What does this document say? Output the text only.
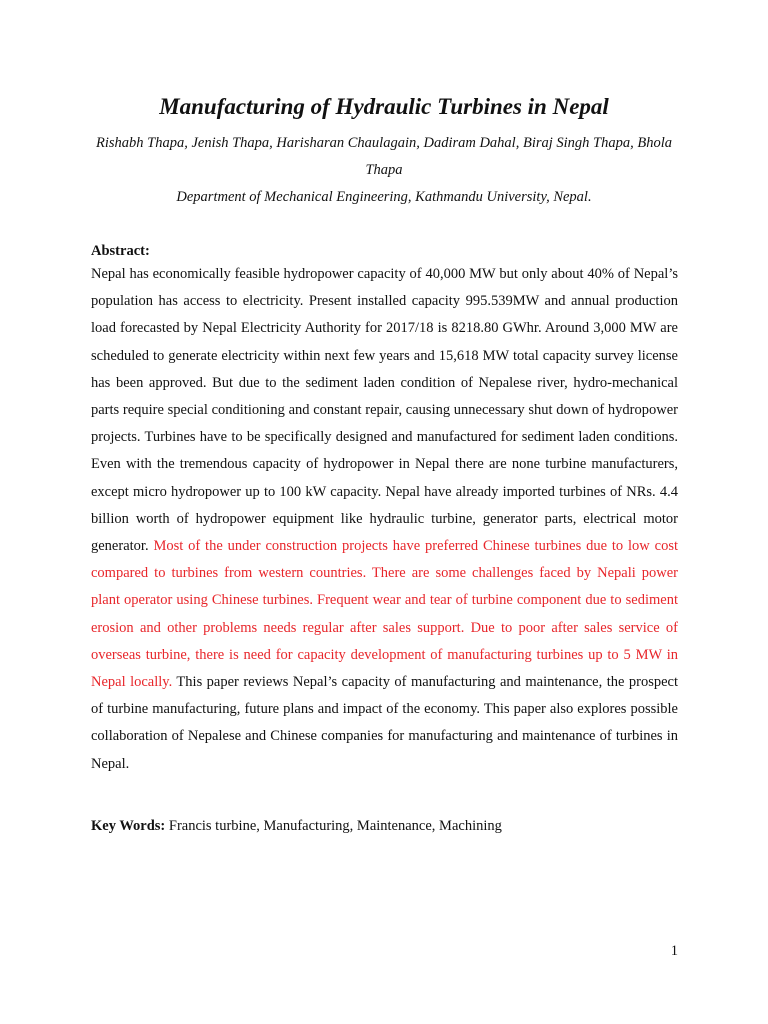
Manufacturing of Hydraulic Turbines in Nepal
Rishabh Thapa, Jenish Thapa, Harisharan Chaulagain, Dadiram Dahal, Biraj Singh Thapa, Bhola Thapa
Department of Mechanical Engineering, Kathmandu University, Nepal.
Abstract:

Nepal has economically feasible hydropower capacity of 40,000 MW but only about 40% of Nepal’s population has access to electricity. Present installed capacity 995.539MW and annual production load forecasted by Nepal Electricity Authority for 2017/18 is 8218.80 GWhr. Around 3,000 MW are scheduled to generate electricity within next few years and 15,618 MW total capacity survey license has been approved. But due to the sediment laden condition of Nepalese river, hydro-mechanical parts require special conditioning and constant repair, causing unnecessary shut down of hydropower projects. Turbines have to be specifically designed and manufactured for sediment laden conditions. Even with the tremendous capacity of hydropower in Nepal there are none turbine manufacturers, except micro hydropower up to 100 kW capacity. Nepal have already imported turbines of NRs. 4.4 billion worth of hydropower equipment like hydraulic turbine, generator parts, electrical motor generator. Most of the under construction projects have preferred Chinese turbines due to low cost compared to turbines from western countries. There are some challenges faced by Nepali power plant operator using Chinese turbines. Frequent wear and tear of turbine component due to sediment erosion and other problems needs regular after sales support. Due to poor after sales service of overseas turbine, there is need for capacity development of manufacturing turbines up to 5 MW in Nepal locally. This paper reviews Nepal’s capacity of manufacturing and maintenance, the prospect of turbine manufacturing, future plans and impact of the economy. This paper also explores possible collaboration of Nepalese and Chinese companies for manufacturing and maintenance of turbines in Nepal.

Key Words: Francis turbine, Manufacturing, Maintenance, Machining
1
